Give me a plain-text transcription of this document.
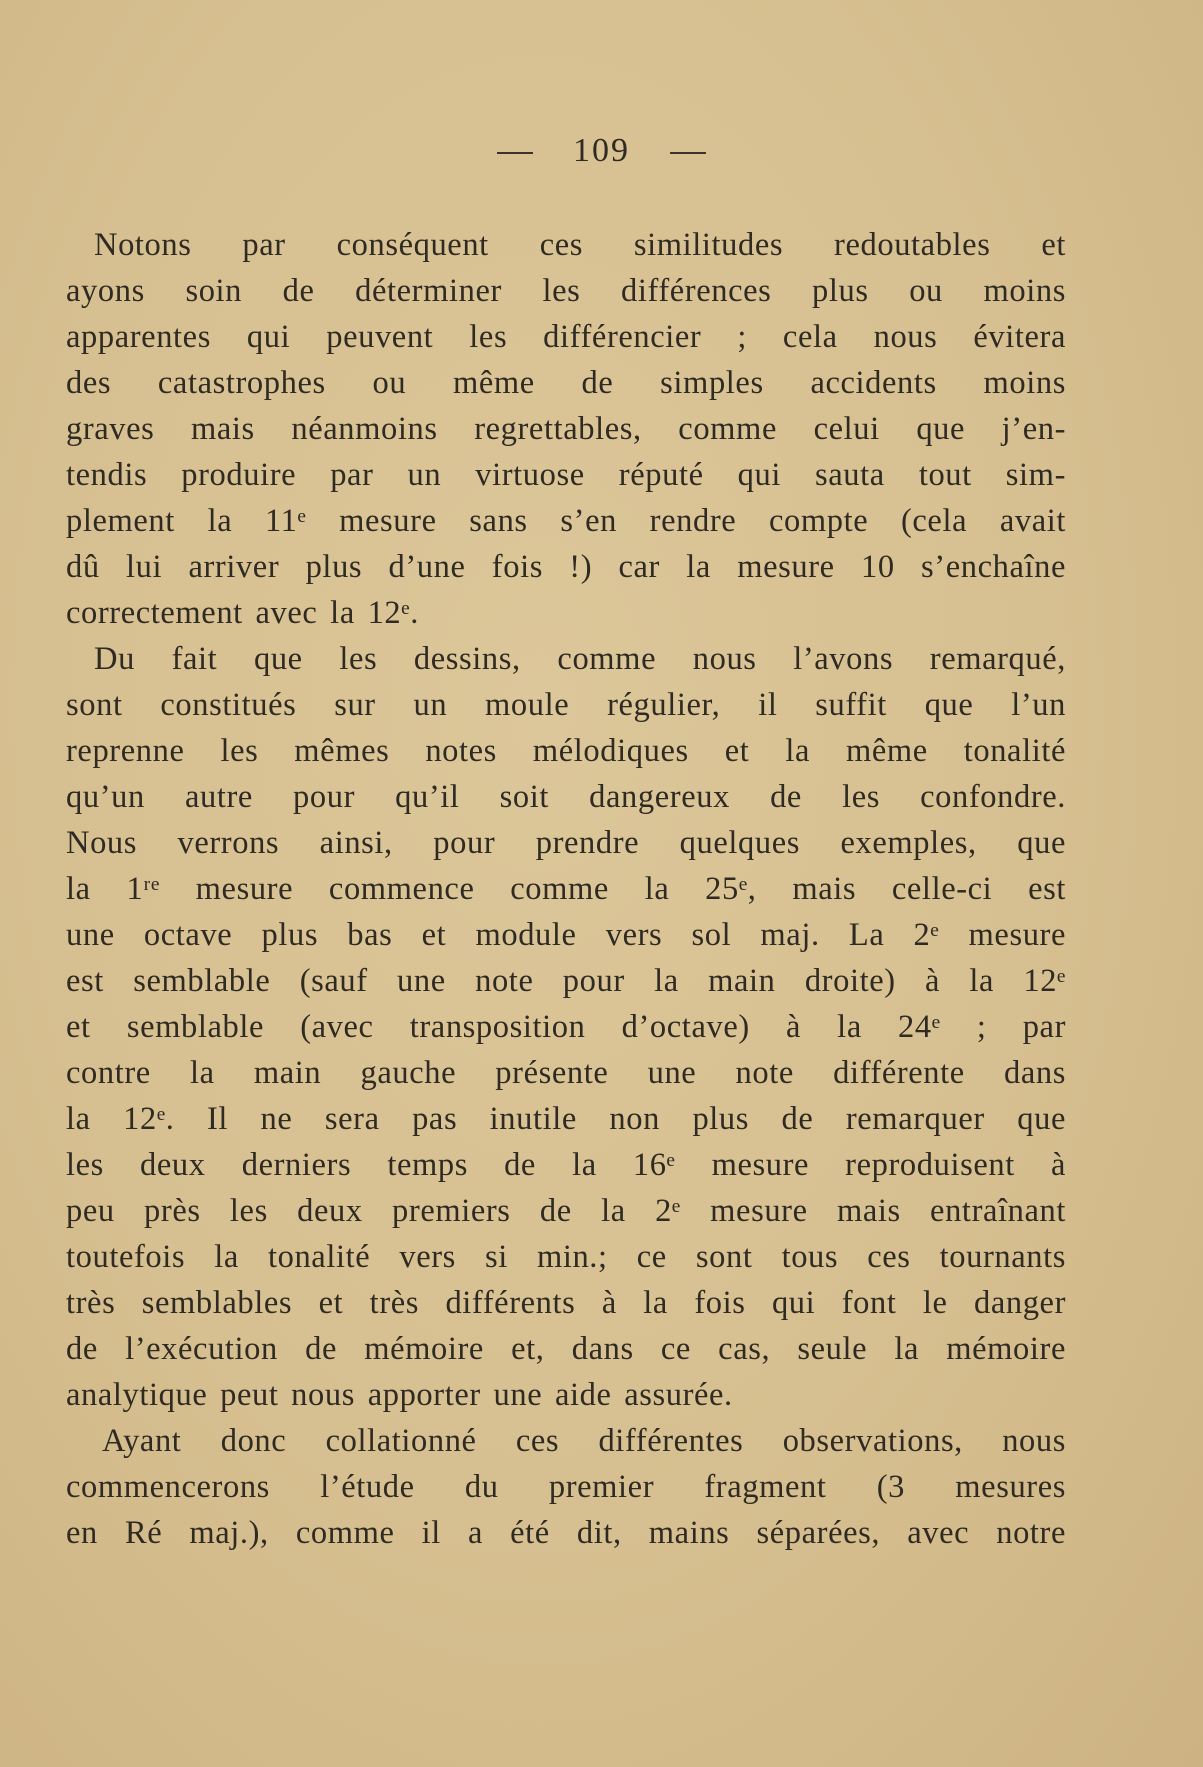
109

Notons par conséquent ces similitudes redoutables et
ayons soin de déterminer les différences plus ou moins
apparentes qui peuvent les différencier ; cela nous évitera
des catastrophes ou même de simples accidents moins
graves mais néanmoins regrettables, comme celui que j’en-
tendis produire par un virtuose réputé qui sauta tout sim-
plement la 11ᵉ mesure sans s’en rendre compte (cela avait
dû lui arriver plus d’une fois !) car la mesure 10 s’enchaîne
correctement avec la 12ᵉ.

Du fait que les dessins, comme nous l’avons remarqué,
sont constitués sur un moule régulier, il suffit que l’un
reprenne les mêmes notes mélodiques et la même tonalité
qu’un autre pour qu’il soit dangereux de les confondre.
Nous verrons ainsi, pour prendre quelques exemples, que
la 1ʳᵉ mesure commence comme la 25ᵉ, mais celle-ci est
une octave plus bas et module vers sol maj. La 2ᵉ mesure
est semblable (sauf une note pour la main droite) à la 12ᵉ
et semblable (avec transposition d’octave) à la 24ᵉ ; par
contre la main gauche présente une note différente dans
la 12ᵉ. Il ne sera pas inutile non plus de remarquer que
les deux derniers temps de la 16ᵉ mesure reproduisent à
peu près les deux premiers de la 2ᵉ mesure mais entraînant
toutefois la tonalité vers si min.; ce sont tous ces tournants
très semblables et très différents à la fois qui font le danger
de l’exécution de mémoire et, dans ce cas, seule la mémoire
analytique peut nous apporter une aide assurée.

Ayant donc collationné ces différentes observations, nous
commencerons l’étude du premier fragment (3 mesures
en Ré maj.), comme il a été dit, mains séparées, avec notre
